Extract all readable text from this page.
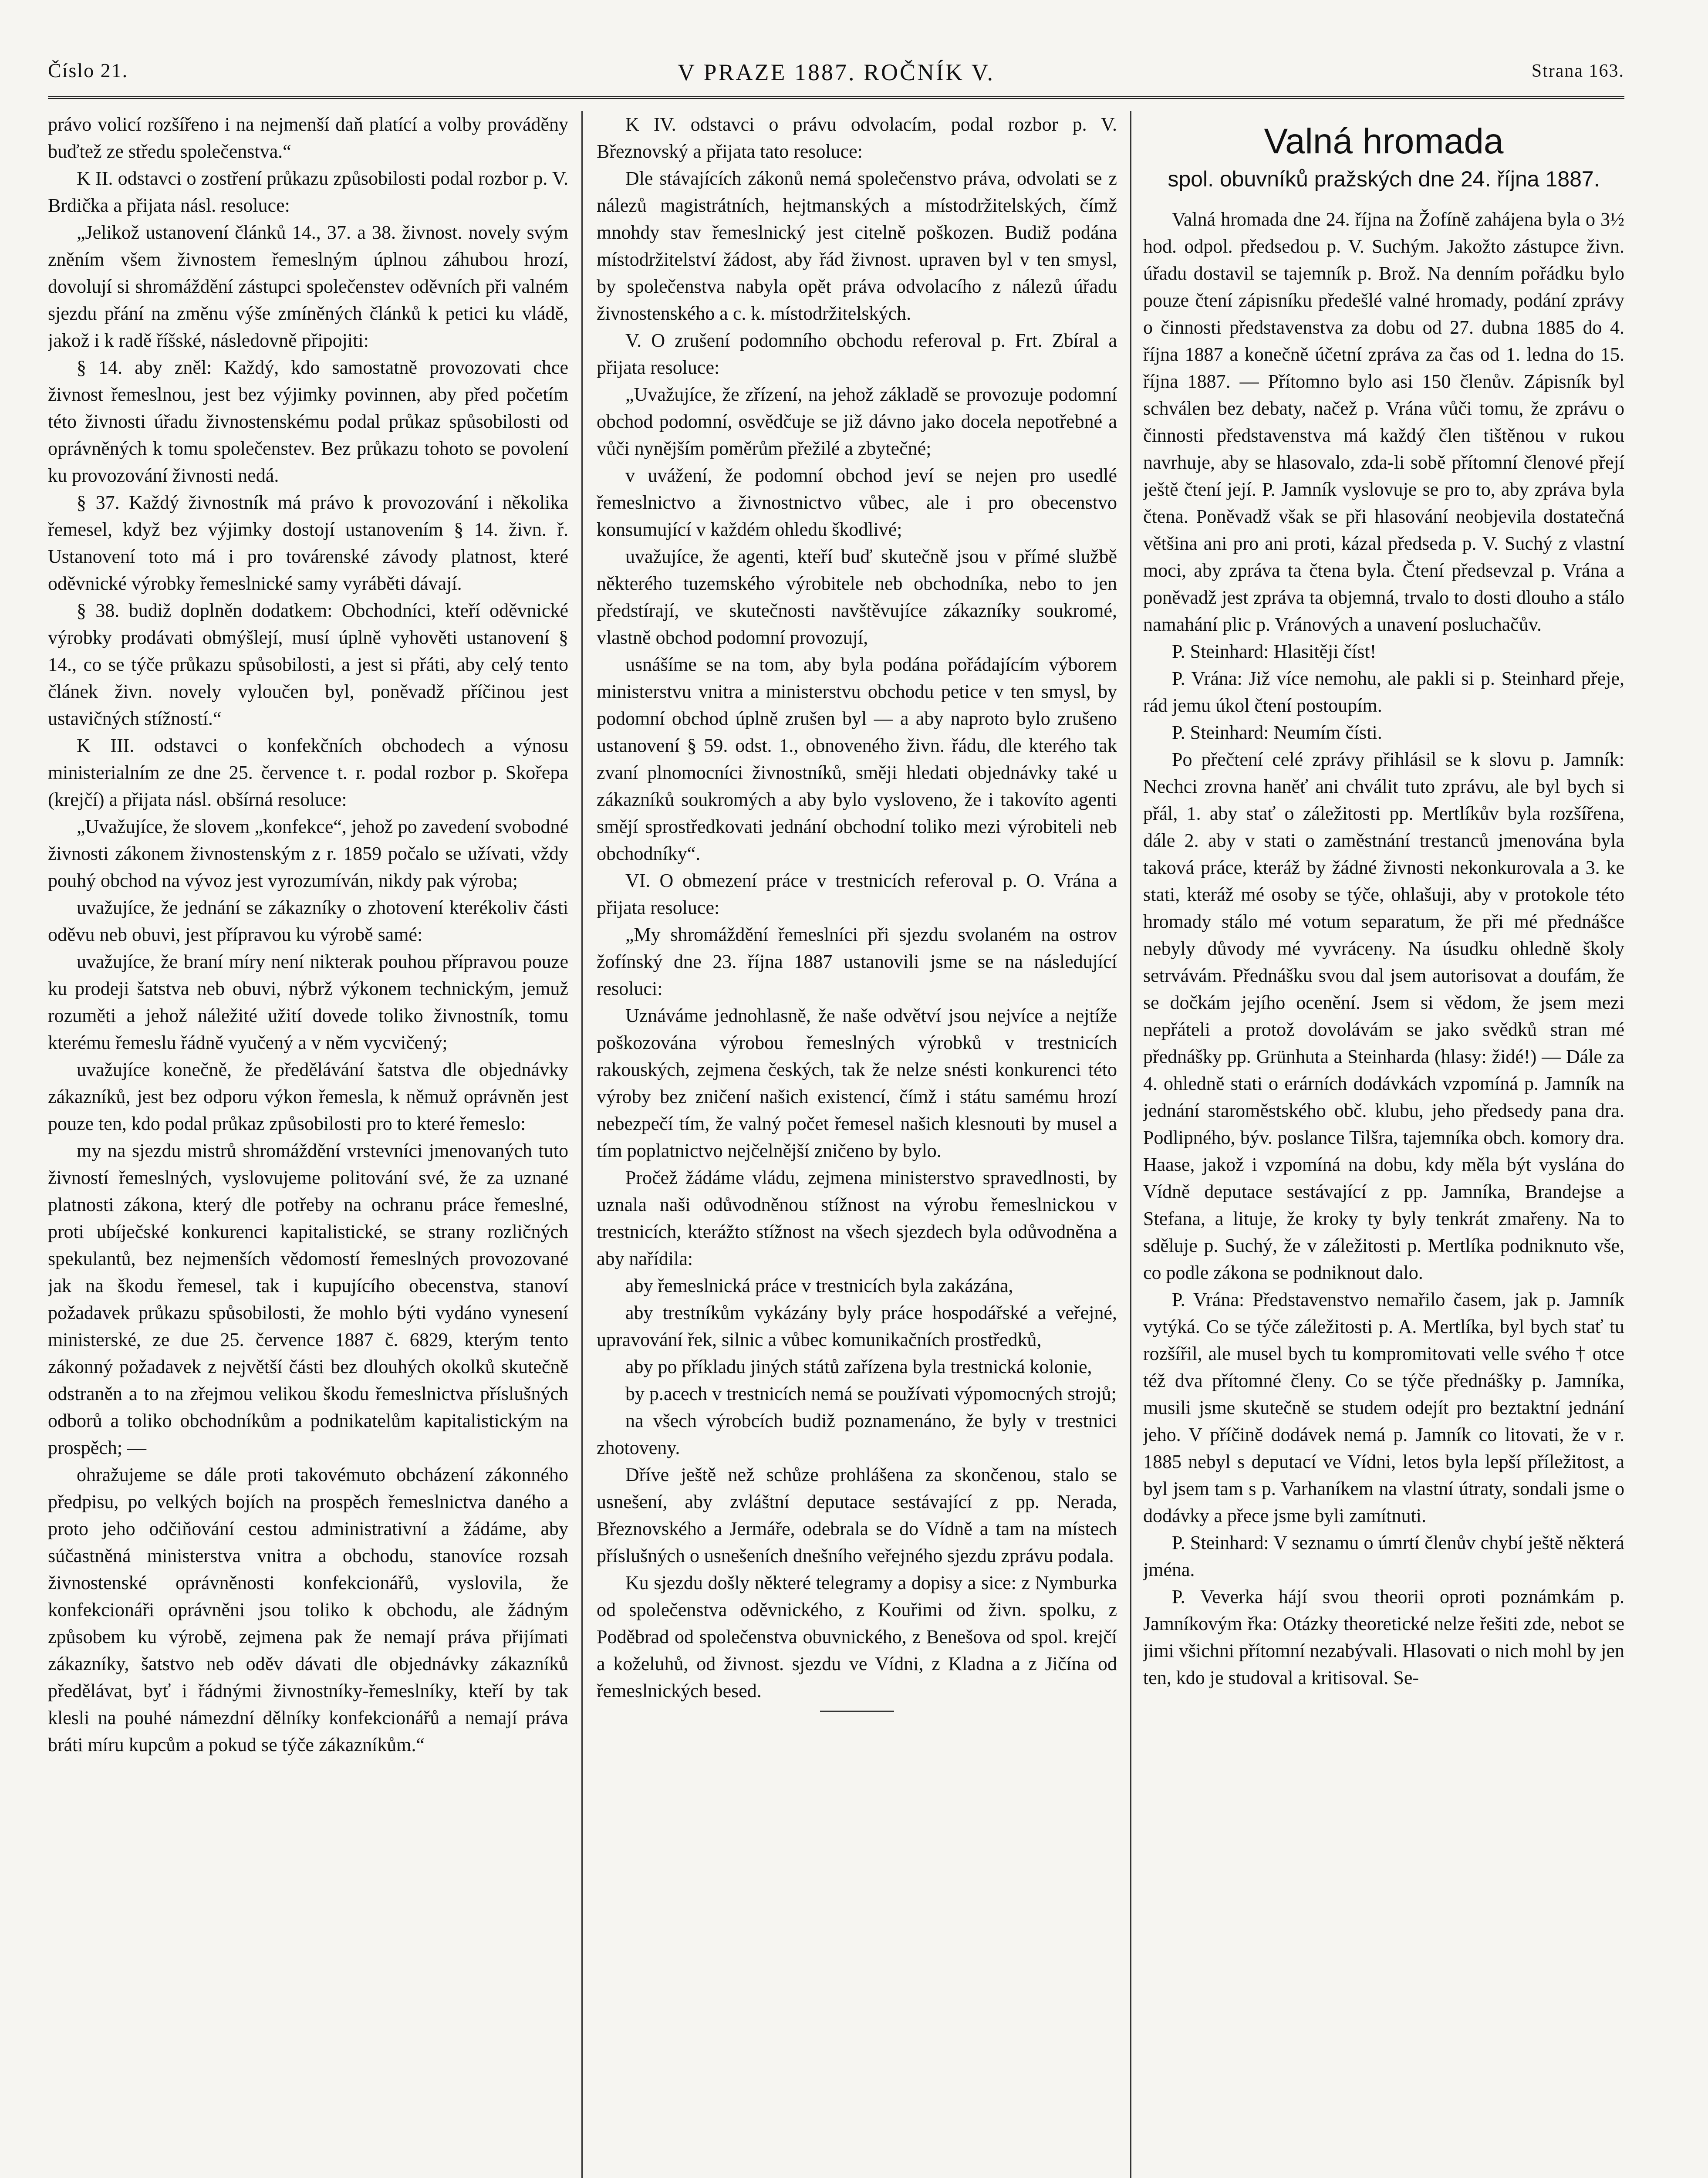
Číslo 21.	V PRAZE 1887. ROČNÍK V.	Strana 163.

právo volicí rozšířeno i na nejmenší daň platící a volby prováděny buďtež ze středu společenstva.“

K II. odstavci o zostření průkazu způsobilosti podal rozbor p. V. Brdička a přijata násl. resoluce:

„Jelikož ustanovení článků 14., 37. a 38. živnost. novely svým zněním všem živnostem řemeslným úplnou záhubou hrozí, dovolují si shromáždění zástupci společenstev oděvních při valném sjezdu přání na změnu výše zmíněných článků k petici ku vládě, jakož i k radě říšské, následovně připojiti:

§ 14. aby zněl: Každý, kdo samostatně provozovati chce živnost řemeslnou, jest bez výjimky povinnen, aby před početím této živnosti úřadu živnostenskému podal průkaz spůsobilosti od oprávněných k tomu společenstev. Bez průkazu tohoto se povolení ku provozování živnosti nedá.

§ 37. Každý živnostník má právo k provozování i několika řemesel, když bez výjimky dostojí ustanovením § 14. živn. ř. Ustanovení toto má i pro továrenské závody platnost, které oděvnické výrobky řemeslnické samy vyráběti dávají.

§ 38. budiž doplněn dodatkem: Obchodníci, kteří oděvnické výrobky prodávati obmýšlejí, musí úplně vyhověti ustanovení § 14., co se týče průkazu spůsobilosti, a jest si přáti, aby celý tento článek živn. novely vyloučen byl, poněvadž příčinou jest ustavičných stížností.“

K III. odstavci o konfekčních obchodech a výnosu ministerialním ze dne 25. července t. r. podal rozbor p. Skořepa (krejčí) a přijata násl. obšírná resoluce:

„Uvažujíce, že slovem „konfekce“, jehož po zavedení svobodné živnosti zákonem živnostenským z r. 1859 počalo se užívati, vždy pouhý obchod na vývoz jest vyrozumíván, nikdy pak výroba;

uvažujíce, že jednání se zákazníky o zhotovení kterékoliv části oděvu neb obuvi, jest přípravou ku výrobě samé:

uvažujíce, že braní míry není nikterak pouhou přípravou pouze ku prodeji šatstva neb obuvi, nýbrž výkonem technickým, jemuž rozuměti a jehož náležité užití dovede toliko živnostník, tomu kterému řemeslu řádně vyučený a v něm vycvičený;

uvažujíce konečně, že předělávání šatstva dle objednávky zákazníků, jest bez odporu výkon řemesla, k němuž oprávněn jest pouze ten, kdo podal průkaz způsobilosti pro to které řemeslo:

my na sjezdu mistrů shromáždění vrstevníci jmenovaných tuto živností řemeslných, vyslovujeme politování své, že za uznané platnosti zákona, který dle potřeby na ochranu práce řemeslné, proti ubíječské konkurenci kapitalistické, se strany rozličných spekulantů, bez nejmenších vědomostí řemeslných provozované jak na škodu řemesel, tak i kupujícího obecenstva, stanoví požadavek průkazu spůsobilosti, že mohlo býti vydáno vynesení ministerské, ze due 25. července 1887 č. 6829, kterým tento zákonný požadavek z největší části bez dlouhých okolků skutečně odstraněn a to na zřejmou velikou škodu řemeslnictva příslušných odborů a toliko obchodníkům a podnikatelům kapitalistickým na prospěch; —

ohražujeme se dále proti takovémuto obcházení zákonného předpisu, po velkých bojích na prospěch řemeslnictva daného a proto jeho odčiňování cestou administrativní a žádáme, aby súčastněná ministerstva vnitra a obchodu, stanovíce rozsah živnostenské oprávněnosti konfekcionářů, vyslovila, že konfekcionáři oprávněni jsou toliko k obchodu, ale žádným způsobem ku výrobě, zejmena pak že nemají práva přijímati zákazníky, šatstvo neb oděv dávati dle objednávky zákazníků předělávat, byť i řádnými živnostníky-řemeslníky, kteří by tak klesli na pouhé námezdní dělníky konfekcionářů a nemají práva bráti míru kupcům a pokud se týče zákazníkům.“

K IV. odstavci o právu odvolacím, podal rozbor p. V. Březnovský a přijata tato resoluce:

Dle stávajících zákonů nemá společenstvo práva, odvolati se z nálezů magistrátních, hejtmanských a místodržitelských, čímž mnohdy stav řemeslnický jest citelně poškozen. Budiž podána místodržitelství žádost, aby řád živnost. upraven byl v ten smysl, by společenstva nabyla opět práva odvolacího z nálezů úřadu živnostenského a c. k. místodržitelských.

V. O zrušení podomního obchodu referoval p. Frt. Zbíral a přijata resoluce:

„Uvažujíce, že zřízení, na jehož základě se provozuje podomní obchod podomní, osvědčuje se již dávno jako docela nepotřebné a vůči nynějším poměrům přežilé a zbytečné;

v uvážení, že podomní obchod jeví se nejen pro usedlé řemeslnictvo a živnostnictvo vůbec, ale i pro obecenstvo konsumující v každém ohledu škodlivé;

uvažujíce, že agenti, kteří buď skutečně jsou v přímé službě některého tuzemského výrobitele neb obchodníka, nebo to jen předstírají, ve skutečnosti navštěvujíce zákazníky soukromé, vlastně obchod podomní provozují,

usnášíme se na tom, aby byla podána pořádajícím výborem ministerstvu vnitra a ministerstvu obchodu petice v ten smysl, by podomní obchod úplně zrušen byl — a aby naproto bylo zrušeno ustanovení § 59. odst. 1., obnoveného živn. řádu, dle kterého tak zvaní plnomocníci živnostníků, směji hledati objednávky také u zákazníků soukromých a aby bylo vysloveno, že i takovíto agenti smějí sprostředkovati jednání obchodní toliko mezi výrobiteli neb obchodníky“.

VI. O obmezení práce v trestnicích referoval p. O. Vrána a přijata resoluce:

„My shromáždění řemeslníci při sjezdu svolaném na ostrov žofínský dne 23. října 1887 ustanovili jsme se na následující resoluci:

Uznáváme jednohlasně, že naše odvětví jsou nejvíce a nejtíže poškozována výrobou řemeslných výrobků v trestnicích rakouských, zejmena českých, tak že nelze snésti konkurenci této výroby bez zničení našich existencí, čímž i státu samému hrozí nebezpečí tím, že valný počet řemesel našich klesnouti by musel a tím poplatnictvo nejčelnější zničeno by bylo.

Pročež žádáme vládu, zejmena ministerstvo spravedlnosti, by uznala naši odůvodněnou stížnost na výrobu řemeslnickou v trestnicích, kterážto stížnost na všech sjezdech byla odůvodněna a aby nařídila:

aby řemeslnická práce v trestnicích byla zakázána,

aby trestníkům vykázány byly práce hospodářské a veřejné, upravování řek, silnic a vůbec komunikačních prostředků,

aby po příkladu jiných států zařízena byla trestnická kolonie,

by p.acech v trestnicích nemá se používati výpomocných strojů;

na všech výrobcích budiž poznamenáno, že byly v trestnici zhotoveny.

Dříve ještě než schůze prohlášena za skončenou, stalo se usnešení, aby zvláštní deputace sestávající z pp. Nerada, Březnovského a Jermáře, odebrala se do Vídně a tam na místech příslušných o usnešeních dnešního veřejného sjezdu zprávu podala.

Ku sjezdu došly některé telegramy a dopisy a sice: z Nymburka od společenstva oděvnického, z Kouřimi od živn. spolku, z Poděbrad od společenstva obuvnického, z Benešova od spol. krejčí a koželuhů, od živnost. sjezdu ve Vídni, z Kladna a z Jičína od řemeslnických besed.

Valná hromada

spol. obuvníků pražských dne 24. října 1887.

Valná hromada dne 24. října na Žofíně zahájena byla o 3½ hod. odpol. předsedou p. V. Suchým. Jakožto zástupce živn. úřadu dostavil se tajemník p. Brož. Na denním pořádku bylo pouze čtení zápisníku předešlé valné hromady, podání zprávy o činnosti představenstva za dobu od 27. dubna 1885 do 4. října 1887 a konečně účetní zpráva za čas od 1. ledna do 15. října 1887. — Přítomno bylo asi 150 členův. Zápisník byl schválen bez debaty, načež p. Vrána vůči tomu, že zprávu o činnosti představenstva má každý člen tištěnou v rukou navrhuje, aby se hlasovalo, zda-li sobě přítomní členové přejí ještě čtení její. P. Jamník vyslovuje se pro to, aby zpráva byla čtena. Poněvadž však se při hlasování neobjevila dostatečná většina ani pro ani proti, kázal předseda p. V. Suchý z vlastní moci, aby zpráva ta čtena byla. Čtení předsevzal p. Vrána a poněvadž jest zpráva ta objemná, trvalo to dosti dlouho a stálo namahání plic p. Vránových a unavení posluchačův.

P. Steinhard: Hlasitěji číst!

P. Vrána: Již více nemohu, ale pakli si p. Steinhard přeje, rád jemu úkol čtení postoupím.

P. Steinhard: Neumím čísti.

Po přečtení celé zprávy přihlásil se k slovu p. Jamník: Nechci zrovna haněť ani chválit tuto zprávu, ale byl bych si přál, 1. aby stať o záležitosti pp. Mertlíkův byla rozšířena, dále 2. aby v stati o zaměstnání trestanců jmenována byla taková práce, kteráž by žádné živnosti nekonkurovala a 3. ke stati, kteráž mé osoby se týče, ohlašuji, aby v protokole této hromady stálo mé votum separatum, že při mé přednášce nebyly důvody mé vyvráceny. Na úsudku ohledně školy setrvávám. Přednášku svou dal jsem autorisovat a doufám, že se dočkám jejího ocenění. Jsem si vědom, že jsem mezi nepřáteli a protož dovolávám se jako svědků stran mé přednášky pp. Grünhuta a Steinharda (hlasy: židé!) — Dále za 4. ohledně stati o erárních dodávkách vzpomíná p. Jamník na jednání staroměstského obč. klubu, jeho předsedy pana dra. Podlipného, býv. poslance Tilšra, tajemníka obch. komory dra. Haase, jakož i vzpomíná na dobu, kdy měla být vyslána do Vídně deputace sestávající z pp. Jamníka, Brandejse a Stefana, a lituje, že kroky ty byly tenkrát zmařeny. Na to sděluje p. Suchý, že v záležitosti p. Mertlíka podniknuto vše, co podle zákona se podniknout dalo.

P. Vrána: Představenstvo nemařilo časem, jak p. Jamník vytýká. Co se týče záležitosti p. A. Mertlíka, byl bych stať tu rozšířil, ale musel bych tu kompromitovati velle svého † otce též dva přítomné členy. Co se týče přednášky p. Jamníka, musili jsme skutečně se studem odejít pro beztaktní jednání jeho. V příčině dodávek nemá p. Jamník co litovati, že v r. 1885 nebyl s deputací ve Vídni, letos byla lepší příležitost, a byl jsem tam s p. Varhaníkem na vlastní útraty, sondali jsme o dodávky a přece jsme byli zamítnuti.

P. Steinhard: V seznamu o úmrtí členův chybí ještě některá jména.

P. Veverka hájí svou theorii oproti poznámkám p. Jamníkovým řka: Otázky theoretické nelze řešiti zde, nebot se jimi všichni přítomní nezabývali. Hlasovati o nich mohl by jen ten, kdo je studoval a kritisoval. Se-
